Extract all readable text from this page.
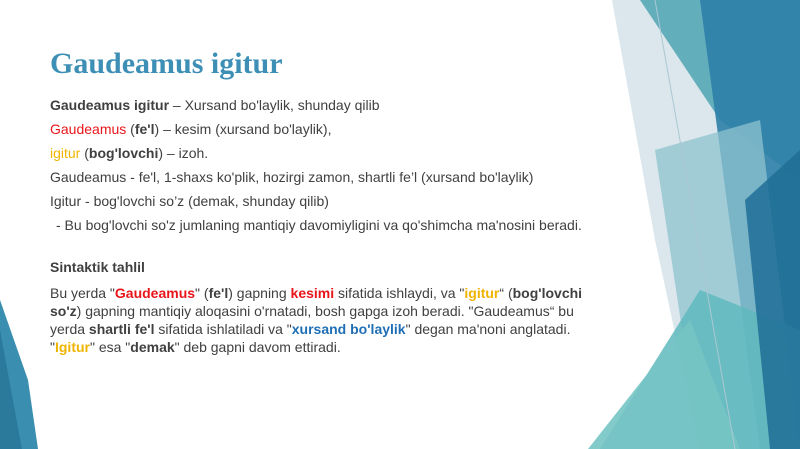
Gaudeamus igitur

Gaudeamus igitur – Xursand bo'laylik, shunday qilib

Gaudeamus (fe'l) – kesim (xursand bo'laylik),

igitur (bog'lovchi) – izoh.

Gaudeamus - fe'l, 1-shaxs ko'plik, hozirgi zamon, shartli fe’l (xursand bo'laylik)

Igitur - bog'lovchi so’z (demak, shunday qilib)

- Bu bog'lovchi so'z jumlaning mantiqiy davomiyligini va qo'shimcha ma'nosini beradi.

Sintaktik tahlil

Bu yerda "Gaudeamus" (fe'l) gapning kesimi sifatida ishlaydi, va "igitur“ (bog'lovchi so'z) gapning mantiqiy aloqasini o'rnatadi, bosh gapga izoh beradi. "Gaudeamus“ bu yerda shartli fe'l sifatida ishlatiladi va "xursand bo'laylik" degan ma'noni anglatadi. "Igitur" esa "demak" deb gapni davom ettiradi.
